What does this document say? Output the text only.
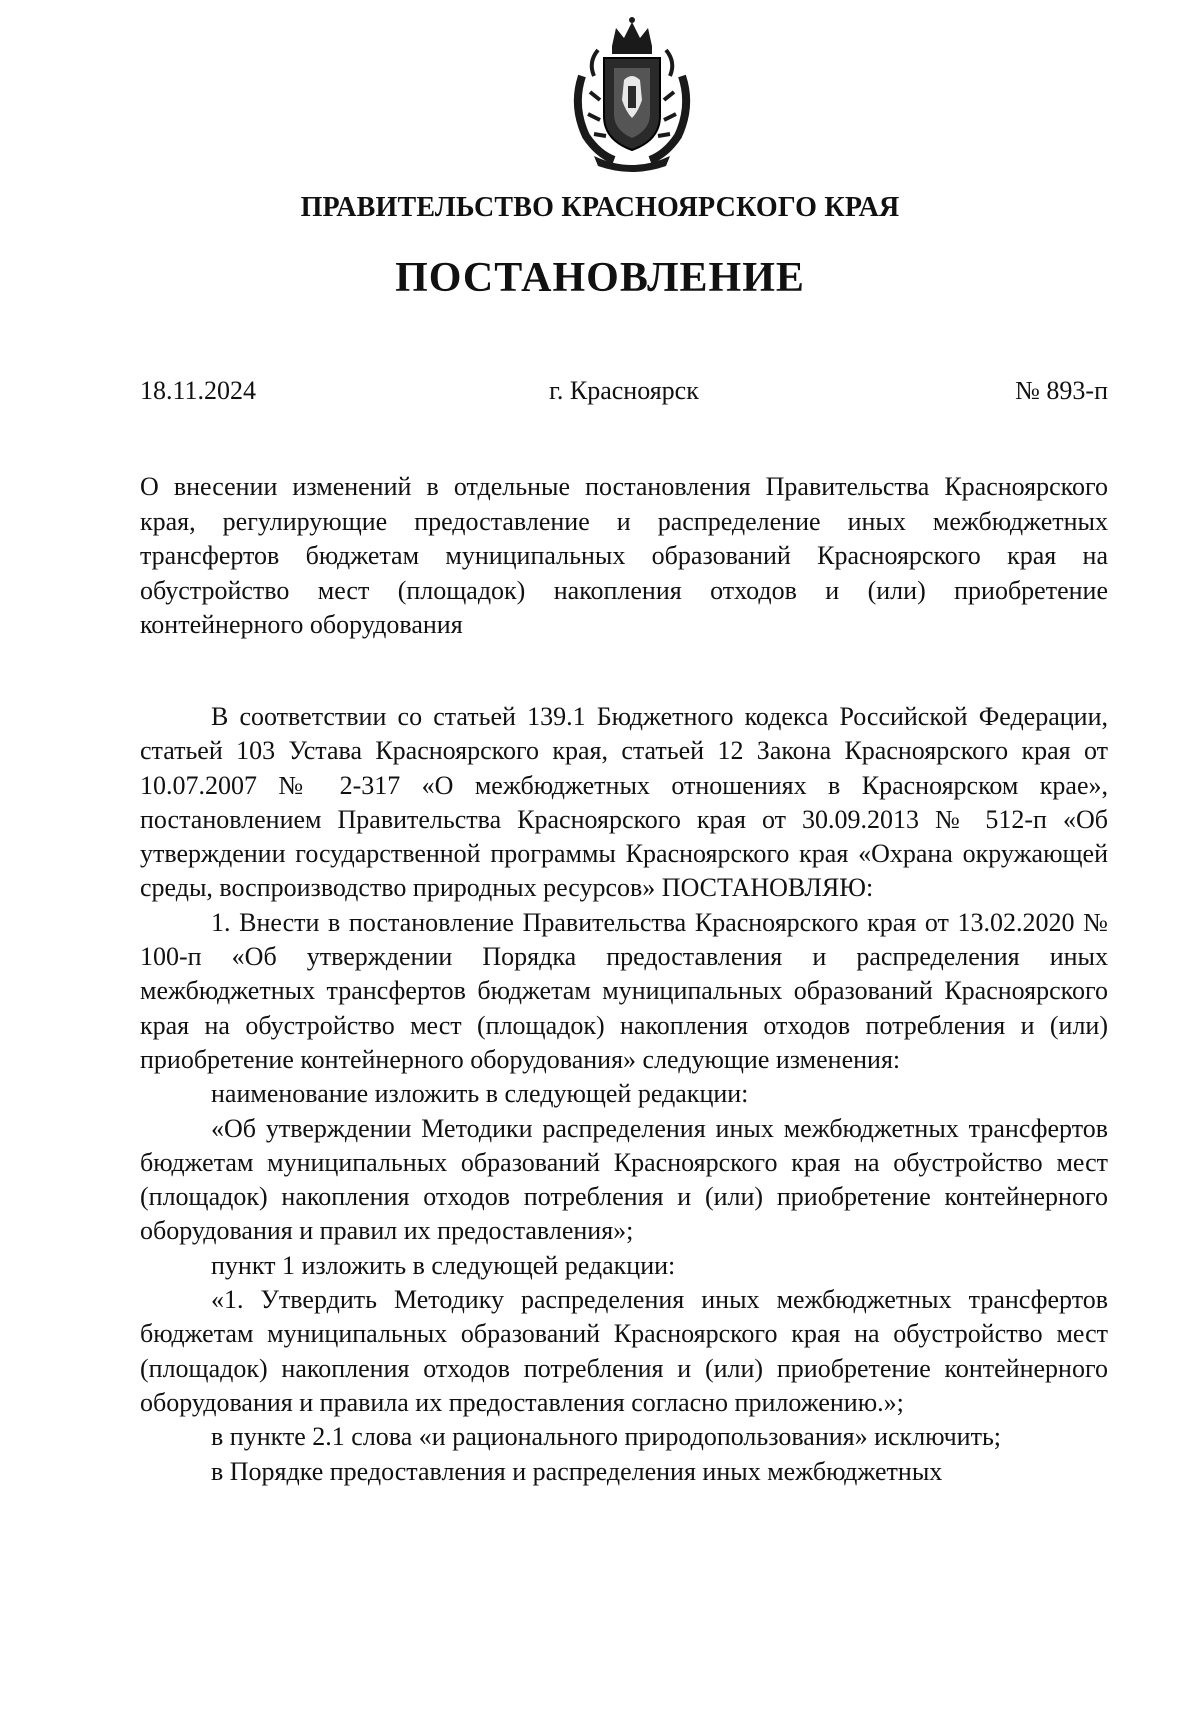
ПРАВИТЕЛЬСТВО КРАСНОЯРСКОГО КРАЯ
ПОСТАНОВЛЕНИЕ
г. Красноярск
18.11.2024	№ 893-п

О внесении изменений в отдельные постановления Правительства Красноярского края, регулирующие предоставление и распределение иных межбюджетных трансфертов бюджетам муниципальных образований Красноярского края на обустройство мест (площадок) накопления отходов и (или) приобретение контейнерного оборудования

В соответствии со статьей 139.1 Бюджетного кодекса Российской Федерации, статьей 103 Устава Красноярского края, статьей 12 Закона Красноярского края от 10.07.2007 № 2-317 «О межбюджетных отношениях в Красноярском крае», постановлением Правительства Красноярского края от 30.09.2013 № 512-п «Об утверждении государственной программы Красноярского края «Охрана окружающей среды, воспроизводство природных ресурсов» ПОСТАНОВЛЯЮ:

1. Внести в постановление Правительства Красноярского края от 13.02.2020 № 100-п «Об утверждении Порядка предоставления и распределения иных межбюджетных трансфертов бюджетам муниципальных образований Красноярского края на обустройство мест (площадок) накопления отходов потребления и (или) приобретение контейнерного оборудования» следующие изменения:

наименование изложить в следующей редакции:

«Об утверждении Методики распределения иных межбюджетных трансфертов бюджетам муниципальных образований Красноярского края на обустройство мест (площадок) накопления отходов потребления и (или) приобретение контейнерного оборудования и правил их предоставления»;

пункт 1 изложить в следующей редакции:

«1. Утвердить Методику распределения иных межбюджетных трансфертов бюджетам муниципальных образований Красноярского края на обустройство мест (площадок) накопления отходов потребления и (или) приобретение контейнерного оборудования и правила их предоставления согласно приложению.»;

в пункте 2.1 слова «и рационального природопользования» исключить;

в Порядке предоставления и распределения иных межбюджетных
